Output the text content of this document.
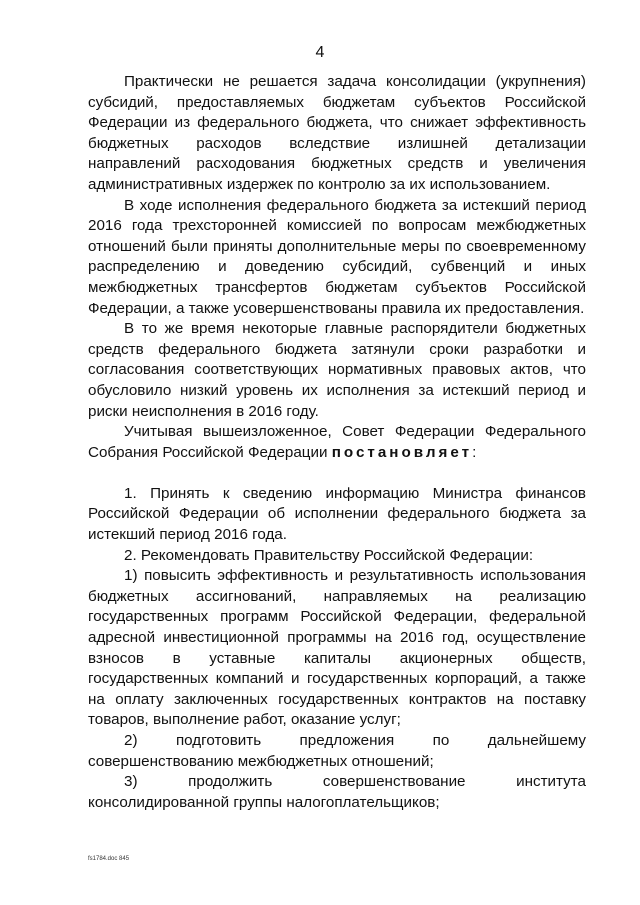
4

Практически не решается задача консолидации (укрупнения) субсидий, предоставляемых бюджетам субъектов Российской Федерации из федерального бюджета, что снижает эффективность бюджетных расходов вследствие излишней детализации направлений расходования бюджетных средств и увеличения административных издержек по контролю за их использованием.

В ходе исполнения федерального бюджета за истекший период 2016 года трехсторонней комиссией по вопросам межбюджетных отношений были приняты дополнительные меры по своевременному распределению и доведению субсидий, субвенций и иных межбюджетных трансфертов бюджетам субъектов Российской Федерации, а также усовершенствованы правила их предоставления.

В то же время некоторые главные распорядители бюджетных средств федерального бюджета затянули сроки разработки и согласования соответствующих нормативных правовых актов, что обусловило низкий уровень их исполнения за истекший период и риски неисполнения в 2016 году.

Учитывая вышеизложенное, Совет Федерации Федерального Собрания Российской Федерации постановляет:

1. Принять к сведению информацию Министра финансов Российской Федерации об исполнении федерального бюджета за истекший период 2016 года.

2. Рекомендовать Правительству Российской Федерации:

1) повысить эффективность и результативность использования бюджетных ассигнований, направляемых на реализацию государственных программ Российской Федерации, федеральной адресной инвестиционной программы на 2016 год, осуществление взносов в уставные капиталы акционерных обществ, государственных компаний и государственных корпораций, а также на оплату заключенных государственных контрактов на поставку товаров, выполнение работ, оказание услуг;

2) подготовить предложения по дальнейшему совершенствованию межбюджетных отношений;

3) продолжить совершенствование института консолидированной группы налогоплательщиков;

fs1784.doc 845
